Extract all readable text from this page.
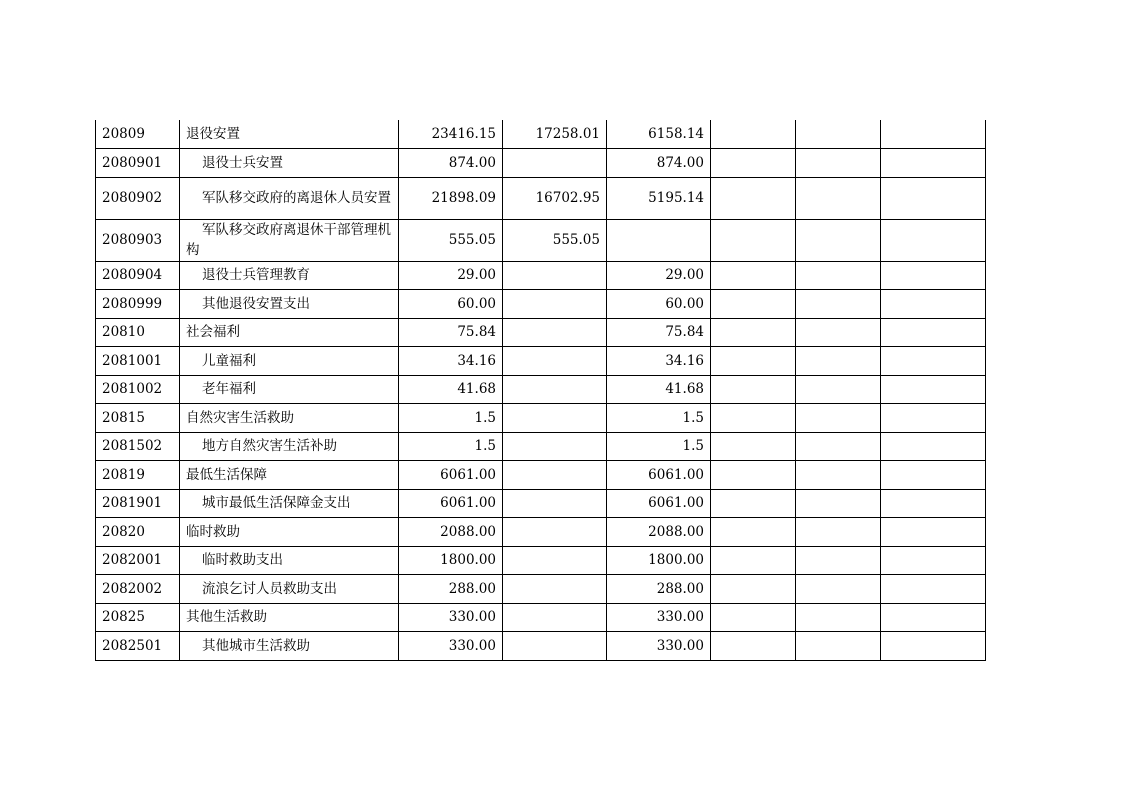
20809	退役安置	23416.15	17258.01	6158.14			
2080901	退役士兵安置	874.00		874.00			
2080902	军队移交政府的离退休人员安置	21898.09	16702.95	5195.14			
2080903	军队移交政府离退休干部管理机构	555.05	555.05				
2080904	退役士兵管理教育	29.00		29.00			
2080999	其他退役安置支出	60.00		60.00			
20810	社会福利	75.84		75.84			
2081001	儿童福利	34.16		34.16			
2081002	老年福利	41.68		41.68			
20815	自然灾害生活救助	1.5		1.5			
2081502	地方自然灾害生活补助	1.5		1.5			
20819	最低生活保障	6061.00		6061.00			
2081901	城市最低生活保障金支出	6061.00		6061.00			
20820	临时救助	2088.00		2088.00			
2082001	临时救助支出	1800.00		1800.00			
2082002	流浪乞讨人员救助支出	288.00		288.00			
20825	其他生活救助	330.00		330.00			
2082501	其他城市生活救助	330.00		330.00			
